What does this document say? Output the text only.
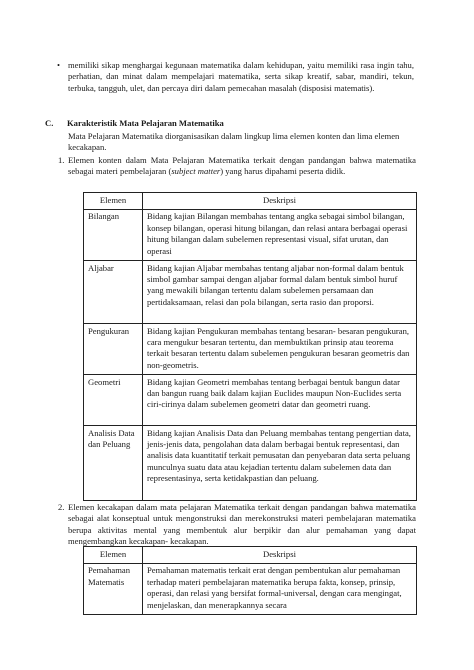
• memiliki sikap menghargai kegunaan matematika dalam kehidupan, yaitu memiliki rasa ingin tahu, perhatian, dan minat dalam mempelajari matematika, serta sikap kreatif, sabar, mandiri, tekun, terbuka, tangguh, ulet, dan percaya diri dalam pemecahan masalah (disposisi matematis).

C. Karakteristik Mata Pelajaran Matematika

Mata Pelajaran Matematika diorganisasikan dalam lingkup lima elemen konten dan lima elemen kecakapan.

1. Elemen konten dalam Mata Pelajaran Matematika terkait dengan pandangan bahwa matematika sebagai materi pembelajaran (subject matter) yang harus dipahami peserta didik.

Elemen	Deskripsi
Bilangan	Bidang kajian Bilangan membahas tentang angka sebagai simbol bilangan, konsep bilangan, operasi hitung bilangan, dan relasi antara berbagai operasi hitung bilangan dalam subelemen representasi visual, sifat urutan, dan operasi
Aljabar	Bidang kajian Aljabar membahas tentang aljabar non-formal dalam bentuk simbol gambar sampai dengan aljabar formal dalam bentuk simbol huruf yang mewakili bilangan tertentu dalam subelemen persamaan dan pertidaksamaan, relasi dan pola bilangan, serta rasio dan proporsi.
Pengukuran	Bidang kajian Pengukuran membahas tentang besaran- besaran pengukuran, cara mengukur besaran tertentu, dan membuktikan prinsip atau teorema terkait besaran tertentu dalam subelemen pengukuran besaran geometris dan non-geometris.
Geometri	Bidang kajian Geometri membahas tentang berbagai bentuk bangun datar dan bangun ruang baik dalam kajian Euclides maupun Non-Euclides serta ciri-cirinya dalam subelemen geometri datar dan geometri ruang.
Analisis Data dan Peluang	Bidang kajian Analisis Data dan Peluang membahas tentang pengertian data, jenis-jenis data, pengolahan data dalam berbagai bentuk representasi, dan analisis data kuantitatif terkait pemusatan dan penyebaran data serta peluang munculnya suatu data atau kejadian tertentu dalam subelemen data dan representasinya, serta ketidakpastian dan peluang.
2. Elemen kecakapan dalam mata pelajaran Matematika terkait dengan pandangan bahwa matematika sebagai alat konseptual untuk mengonstruksi dan merekonstruksi materi pembelajaran matematika berupa aktivitas mental yang membentuk alur berpikir dan alur pemahaman yang dapat mengembangkan kecakapan- kecakapan.

Elemen	Deskripsi
Pemahaman Matematis	Pemahaman matematis terkait erat dengan pembentukan alur pemahaman terhadap materi pembelajaran matematika berupa fakta, konsep, prinsip, operasi, dan relasi yang bersifat formal-universal, dengan cara mengingat, menjelaskan, dan menerapkannya secara
